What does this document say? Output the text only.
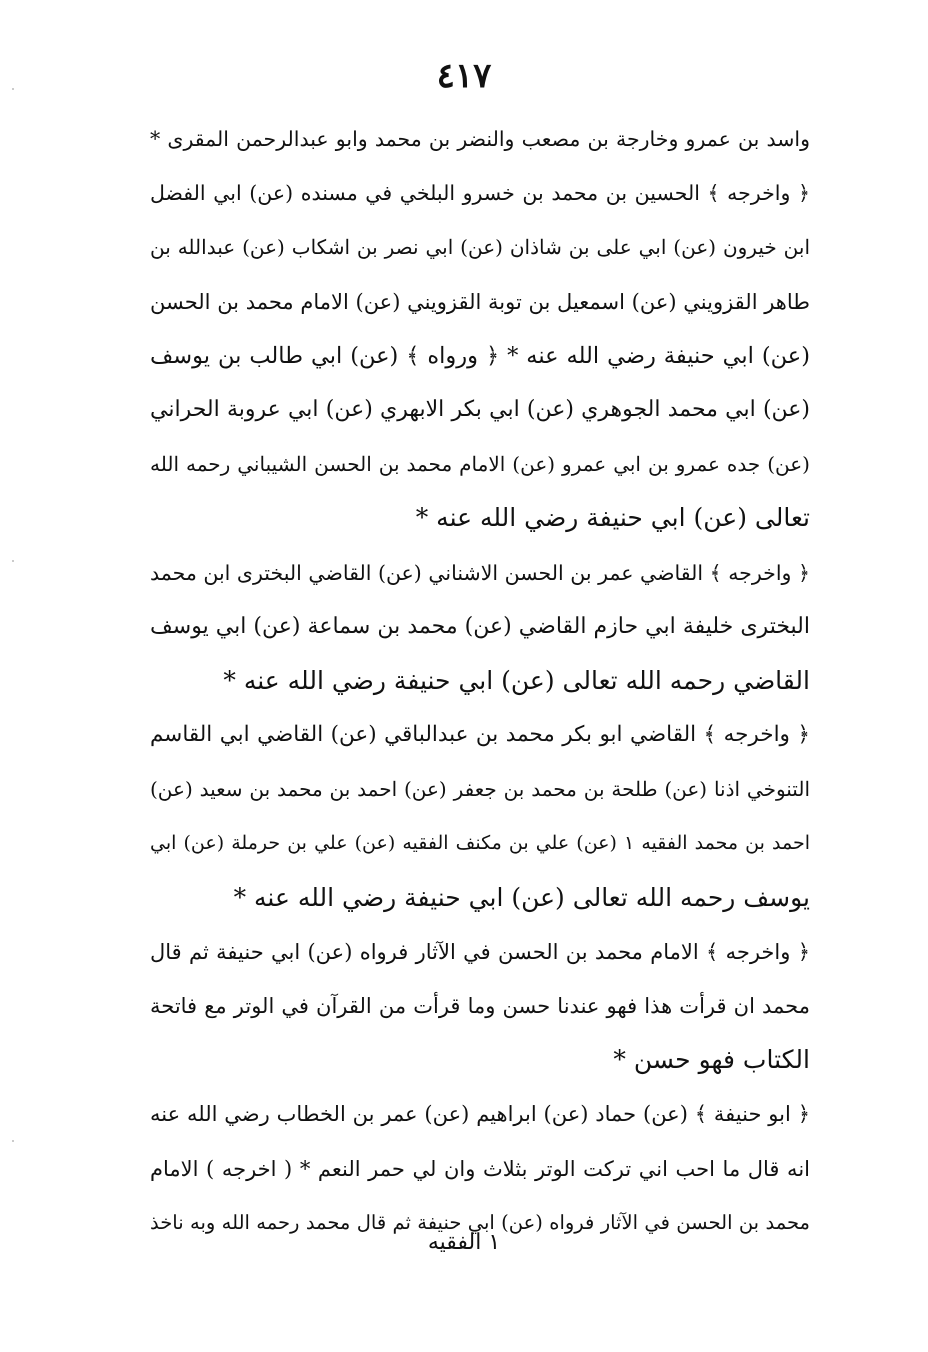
٤١٧
واسد بن عمرو وخارجة بن مصعب والنضر بن محمد وابو عبدالرحمن المقرى *
﴿ واخرجه ﴾ الحسين بن محمد بن خسرو البلخي في مسنده (عن) ابي الفضل
ابن خيرون (عن) ابي على بن شاذان (عن) ابي نصر بن اشكاب (عن) عبدالله بن
طاهر القزويني (عن) اسمعيل بن توبة القزويني (عن) الامام محمد بن الحسن
(عن) ابي حنيفة رضي الله عنه * ﴿ ورواه ﴾ (عن) ابي طالب بن يوسف
(عن) ابي محمد الجوهري (عن) ابي بكر الابهري (عن) ابي عروبة الحراني
(عن) جده عمرو بن ابي عمرو (عن) الامام محمد بن الحسن الشيباني رحمه الله
تعالى (عن) ابي حنيفة رضي الله عنه *
﴿ واخرجه ﴾ القاضي عمر بن الحسن الاشناني (عن) القاضي البخترى ابن محمد
البخترى خليفة ابي حازم القاضي (عن) محمد بن سماعة (عن) ابي يوسف
القاضي رحمه الله تعالى (عن) ابي حنيفة رضي الله عنه *
﴿ واخرجه ﴾ القاضي ابو بكر محمد بن عبدالباقي (عن) القاضي ابي القاسم
التنوخي اذنا (عن) طلحة بن محمد بن جعفر (عن) احمد بن محمد بن سعيد (عن)
احمد بن محمد الفقيه ١ (عن) علي بن مكنف الفقيه (عن) علي بن حرملة (عن) ابي
يوسف رحمه الله تعالى (عن) ابي حنيفة رضي الله عنه *
﴿ واخرجه ﴾ الامام محمد بن الحسن في الآثار فرواه (عن) ابي حنيفة ثم قال
محمد ان قرأت هذا فهو عندنا حسن وما قرأت من القرآن في الوتر مع فاتحة
الكتاب فهو حسن *
﴿ ابو حنيفة ﴾ (عن) حماد (عن) ابراهيم (عن) عمر بن الخطاب رضي الله عنه
انه قال ما احب اني تركت الوتر بثلاث وان لي حمر النعم * ( اخرجه ) الامام
محمد بن الحسن في الآثار فرواه (عن) ابي حنيفة ثم قال محمد رحمه الله وبه ناخذ
١ الفقيه
